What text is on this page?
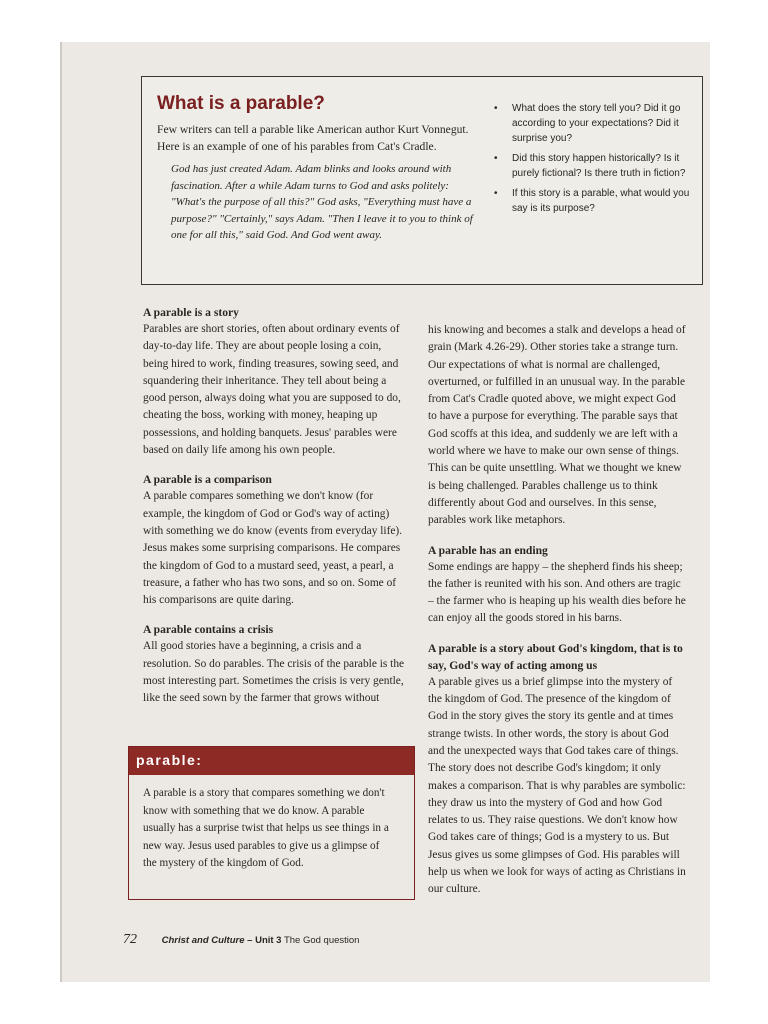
What is a parable?

Few writers can tell a parable like American author Kurt Vonnegut. Here is an example of one of his parables from Cat's Cradle.

God has just created Adam. Adam blinks and looks around with fascination. After a while Adam turns to God and asks politely: "What's the purpose of all this?" God asks, "Everything must have a purpose?" "Certainly," says Adam. "Then I leave it to you to think of one for all this," said God. And God went away.

• What does the story tell you? Did it go according to your expectations? Did it surprise you?
• Did this story happen historically? Is it purely fictional? Is there truth in fiction?
• If this story is a parable, what would you say is its purpose?
A parable is a story

Parables are short stories, often about ordinary events of day-to-day life. They are about people losing a coin, being hired to work, finding treasures, sowing seed, and squandering their inheritance. They tell about being a good person, always doing what you are supposed to do, cheating the boss, working with money, heaping up possessions, and holding banquets. Jesus' parables were based on daily life among his own people.

A parable is a comparison

A parable compares something we don't know (for example, the kingdom of God or God's way of acting) with something we do know (events from everyday life). Jesus makes some surprising comparisons. He compares the kingdom of God to a mustard seed, yeast, a pearl, a treasure, a father who has two sons, and so on. Some of his comparisons are quite daring.

A parable contains a crisis

All good stories have a beginning, a crisis and a resolution. So do parables. The crisis of the parable is the most interesting part. Sometimes the crisis is very gentle, like the seed sown by the farmer that grows without

parable:

A parable is a story that compares something we don't know with something that we do know. A parable usually has a surprise twist that helps us see things in a new way. Jesus used parables to give us a glimpse of the mystery of the kingdom of God.

his knowing and becomes a stalk and develops a head of grain (Mark 4.26-29). Other stories take a strange turn. Our expectations of what is normal are challenged, overturned, or fulfilled in an unusual way. In the parable from Cat's Cradle quoted above, we might expect God to have a purpose for everything. The parable says that God scoffs at this idea, and suddenly we are left with a world where we have to make our own sense of things. This can be quite unsettling. What we thought we knew is being challenged. Parables challenge us to think differently about God and ourselves. In this sense, parables work like metaphors.

A parable has an ending

Some endings are happy – the shepherd finds his sheep; the father is reunited with his son. And others are tragic – the farmer who is heaping up his wealth dies before he can enjoy all the goods stored in his barns.

A parable is a story about God's kingdom, that is to say, God's way of acting among us

A parable gives us a brief glimpse into the mystery of the kingdom of God. The presence of the kingdom of God in the story gives the story its gentle and at times strange twists. In other words, the story is about God and the unexpected ways that God takes care of things. The story does not describe God's kingdom; it only makes a comparison. That is why parables are symbolic: they draw us into the mystery of God and how God relates to us. They raise questions. We don't know how God takes care of things; God is a mystery to us. But Jesus gives us some glimpses of God. His parables will help us when we look for ways of acting as Christians in our culture.

72	Christ and Culture – Unit 3 The God question
